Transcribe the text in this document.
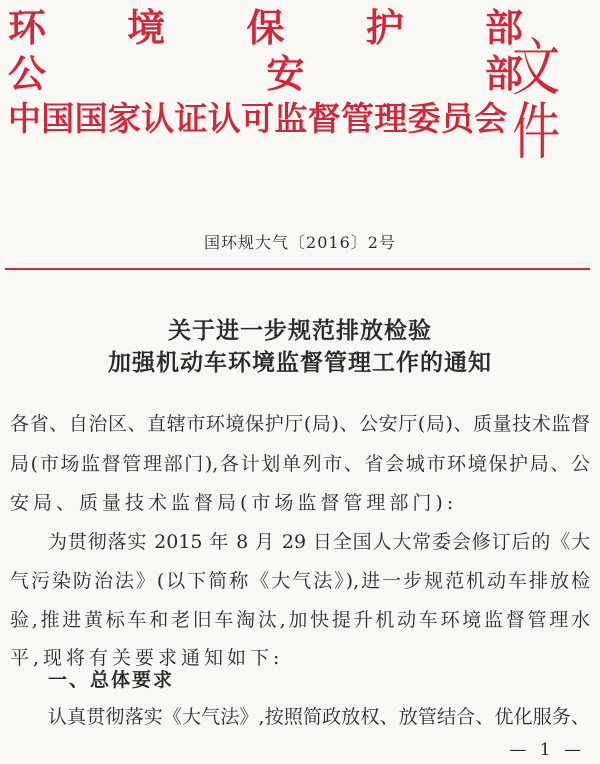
环 境 保 护 部
公	安	部
文件
中国国家认证认可监督管理委员会
国环规大气〔2016〕2号
关于进一步规范排放检验
加强机动车环境监督管理工作的通知
各省、自治区、直辖市环境保护厅(局)、公安厅(局)、质量技术监督
局(市场监督管理部门),各计划单列市、省会城市环境保护局、公
安局、质量技术监督局(市场监督管理部门):
为贯彻落实 2015 年 8 月 29 日全国人大常委会修订后的《大
气污染防治法》(以下简称《大气法》),进一步规范机动车排放检
验,推进黄标车和老旧车淘汰,加快提升机动车环境监督管理水
平,现将有关要求通知如下:
一、总体要求
认真贯彻落实《大气法》,按照简政放权、放管结合、优化服务、
— 1 —
